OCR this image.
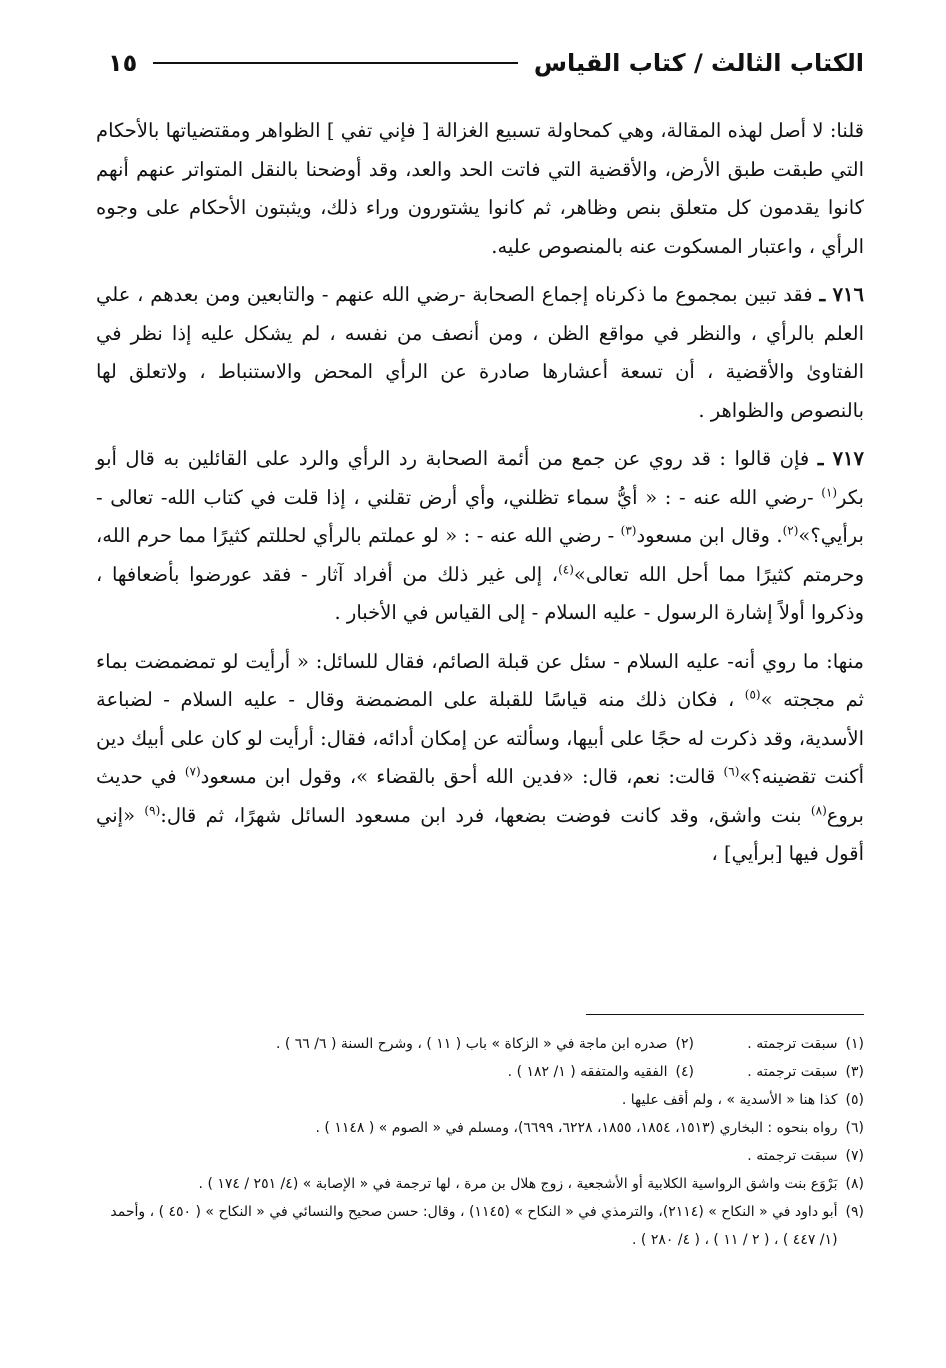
الكتاب الثالث / كتاب القياس
١٥

قلنا: لا أصل لهذه المقالة، وهي كمحاولة تسبيع الغزالة [ فإني تفي ] الظواهر ومقتضياتها بالأحكام التي طبقت طبق الأرض، والأقضية التي فاتت الحد والعد، وقد أوضحنا بالنقل المتواتر عنهم أنهم كانوا يقدمون كل متعلق بنص وظاهر، ثم كانوا يشتورون وراء ذلك، ويثبتون الأحكام على وجوه الرأي ، واعتبار المسكوت عنه بالمنصوص عليه.

٧١٦ ـ فقد تبين بمجموع ما ذكرناه إجماع الصحابة -رضي الله عنهم - والتابعين ومن بعدهم ، علي العلم بالرأي ، والنظر في مواقع الظن ، ومن أنصف من نفسه ، لم يشكل عليه إذا نظر في الفتاوىٰ والأقضية ، أن تسعة أعشارها صادرة عن الرأي المحض والاستنباط ، ولاتعلق لها بالنصوص والظواهر .

٧١٧ ـ فإن قالوا : قد روي عن جمع من أئمة الصحابة رد الرأي والرد على القائلين به قال أبو بكر$^{(١)}$ -رضي الله عنه - : « أيُّ سماء تظلني، وأي أرض تقلني ، إذا قلت في كتاب الله- تعالى - برأيي؟»$^{(٢)}$. وقال ابن مسعود$^{(٣)}$ - رضي الله عنه - : « لو عملتم بالرأي لحللتم كثيرًا مما حرم الله، وحرمتم كثيرًا مما أحل الله تعالى»$^{(٤)}$، إلى غير ذلك من أفراد آثار - فقد عورضوا بأضعافها ، وذكروا أولاً إشارة الرسول - عليه السلام - إلى القياس في الأخبار .

منها: ما روي أنه- عليه السلام - سئل عن قبلة الصائم، فقال للسائل: « أرأيت لو تمضمضت بماء ثم مججته »$^{(٥)}$ ، فكان ذلك منه قياسًا للقبلة على المضمضة وقال - عليه السلام - لضباعة الأسدية، وقد ذكرت له حجًا على أبيها، وسألته عن إمكان أدائه، فقال: أرأيت لو كان على أبيك دين أكنت تقضينه؟»$^{(٦)}$ قالت: نعم، قال: «فدين الله أحق بالقضاء »، وقول ابن مسعود$^{(٧)}$ في حديث بروع$^{(٨)}$ بنت واشق، وقد كانت فوضت بضعها، فرد ابن مسعود السائل شهرًا، ثم قال:$^{(٩)}$ «إني أقول فيها [برأيي] ،

(١)
سبقت ترجمته .
(٢)
صدره ابن ماجة في « الزكاة » باب ( ١١ ) ، وشرح السنة ( ٦/ ٦٦ ) .
(٣)
سبقت ترجمته .
(٤)
الفقيه والمتفقه ( ١/ ١٨٢ ) .
(٥)
كذا هنا « الأسدية » ، ولم أقف عليها .
(٦)
رواه بنحوه : البخاري (١٥١٣، ١٨٥٤، ١٨٥٥، ٦٢٢٨، ٦٦٩٩)، ومسلم في « الصوم » ( ١١٤٨ ) .
(٧)
سبقت ترجمته .
(٨)
بَرْوَع بنت واشق الرواسية الكلابية أو الأشجعية ، زوج هلال بن مرة ، لها ترجمة في « الإصابة » (٤/ ٢٥١ / ١٧٤ ) .
(٩)
أبو داود في « النكاح » (٢١١٤)، والترمذي في « النكاح » (١١٤٥) ، وقال: حسن صحيح والنسائي في « النكاح » ( ٤٥٠ ) ، وأحمد (١/ ٤٤٧ ) ، ( ٢ / ١١ ) ، ( ٤/ ٢٨٠ ) .
